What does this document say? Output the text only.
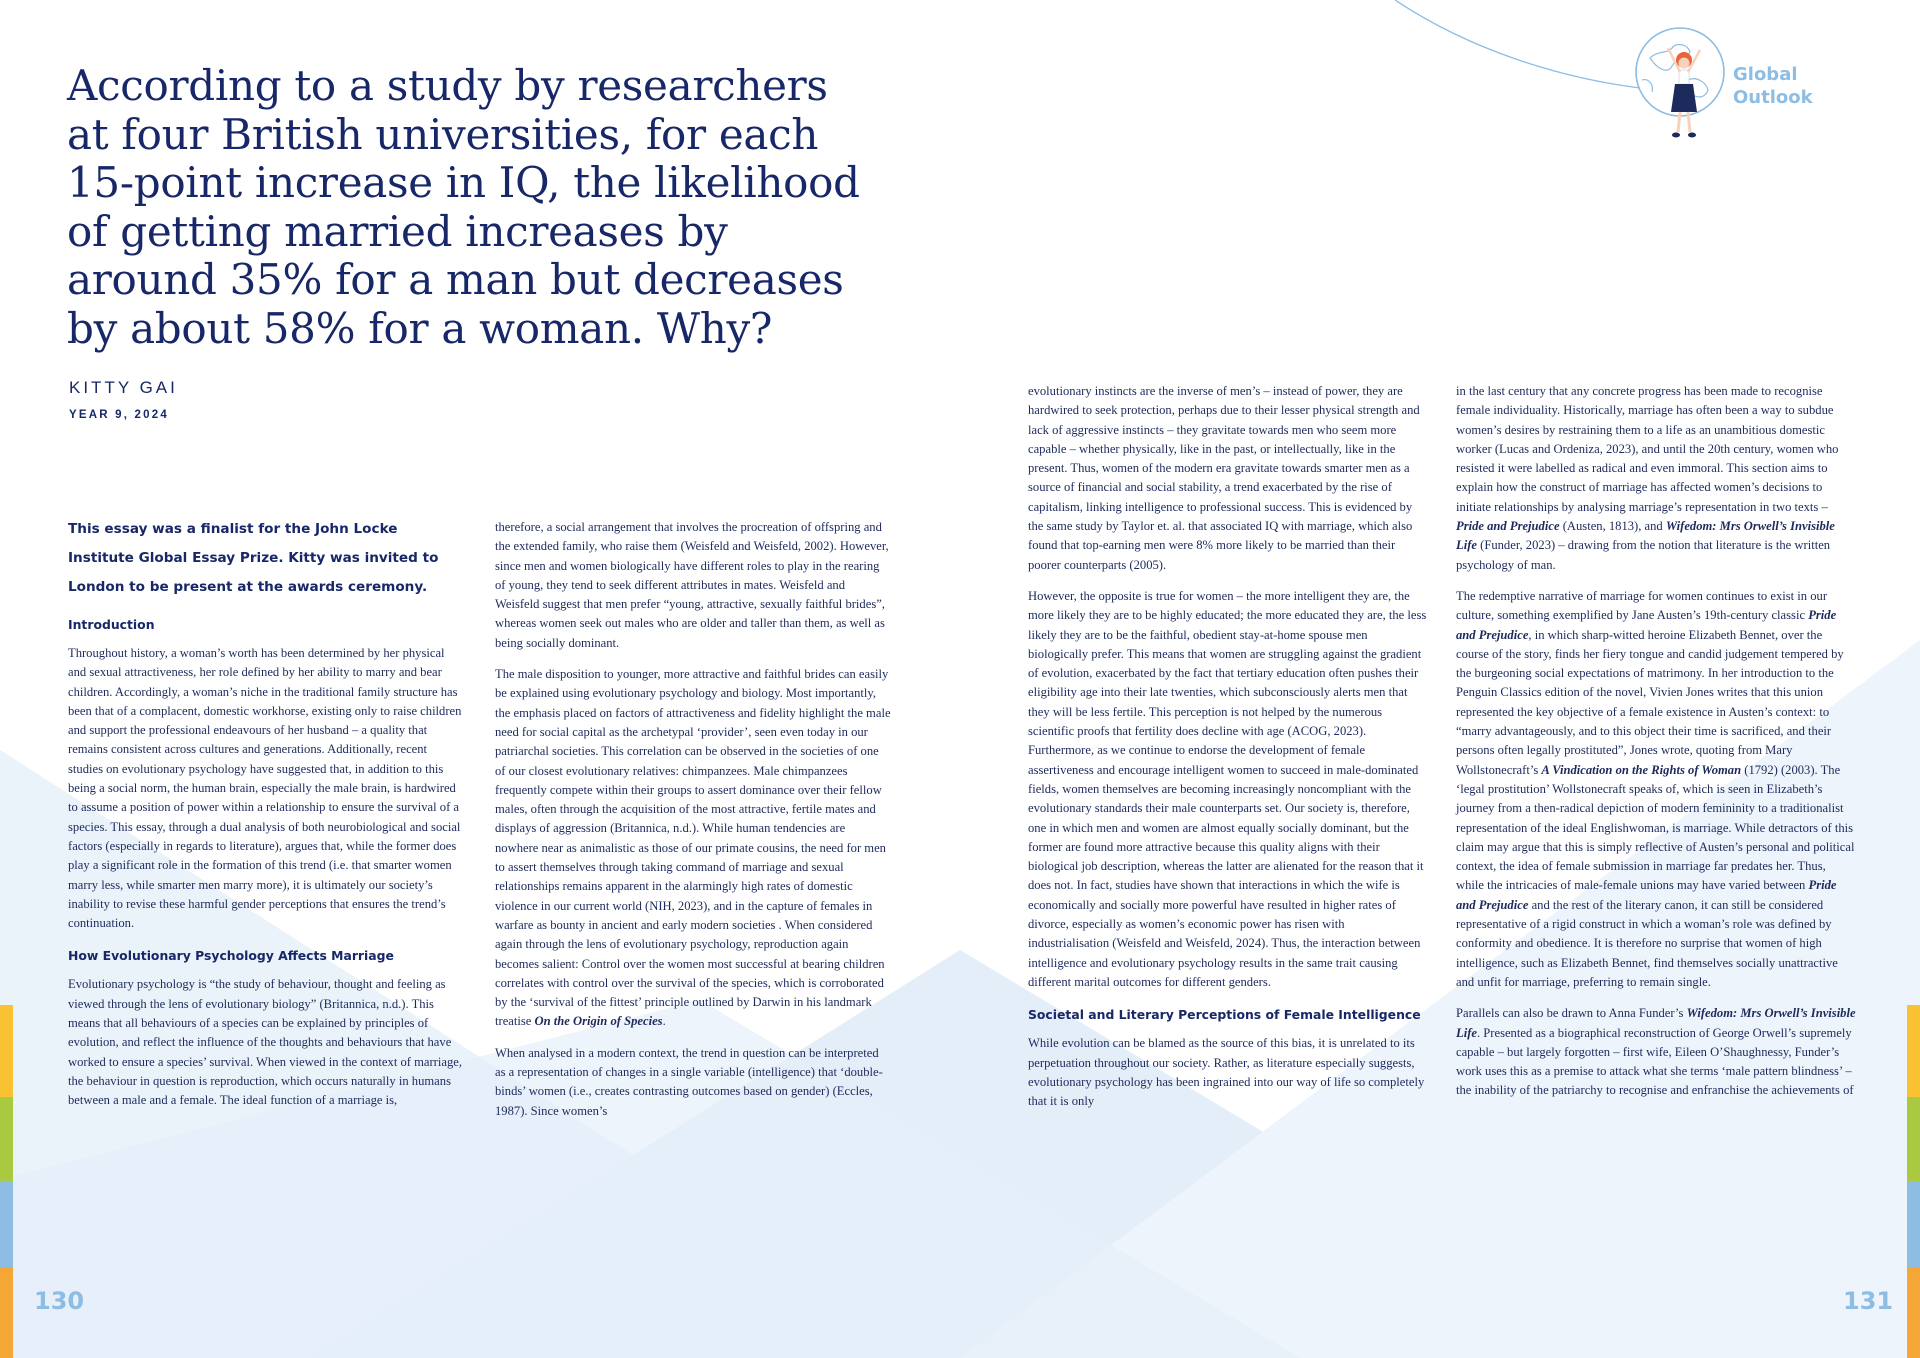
Global
Outlook
According to a study by researchers at four British universities, for each 15-point increase in IQ, the likelihood of getting married increases by around 35% for a man but decreases by about 58% for a woman. Why?
KITTY GAI
YEAR 9, 2024

This essay was a finalist for the John Locke Institute Global Essay Prize. Kitty was invited to London to be present at the awards ceremony.

Introduction

Throughout history, a woman’s worth has been determined by her physical and sexual attractiveness, her role defined by her ability to marry and bear children. Accordingly, a woman’s niche in the traditional family structure has been that of a complacent, domestic workhorse, existing only to raise children and support the professional endeavours of her husband – a quality that remains consistent across cultures and generations. Additionally, recent studies on evolutionary psychology have suggested that, in addition to this being a social norm, the human brain, especially the male brain, is hardwired to assume a position of power within a relationship to ensure the survival of a species. This essay, through a dual analysis of both neurobiological and social factors (especially in regards to literature), argues that, while the former does play a significant role in the formation of this trend (i.e. that smarter women marry less, while smarter men marry more), it is ultimately our society’s inability to revise these harmful gender perceptions that ensures the trend’s continuation.

How Evolutionary Psychology Affects Marriage

Evolutionary psychology is “the study of behaviour, thought and feeling as viewed through the lens of evolutionary biology” (Britannica, n.d.). This means that all behaviours of a species can be explained by principles of evolution, and reflect the influence of the thoughts and behaviours that have worked to ensure a species’ survival. When viewed in the context of marriage, the behaviour in question is reproduction, which occurs naturally in humans between a male and a female. The ideal function of a marriage is,

therefore, a social arrangement that involves the procreation of offspring and the extended family, who raise them (Weisfeld and Weisfeld, 2002). However, since men and women biologically have different roles to play in the rearing of young, they tend to seek different attributes in mates. Weisfeld and Weisfeld suggest that men prefer “young, attractive, sexually faithful brides”, whereas women seek out males who are older and taller than them, as well as being socially dominant.

The male disposition to younger, more attractive and faithful brides can easily be explained using evolutionary psychology and biology. Most importantly, the emphasis placed on factors of attractiveness and fidelity highlight the male need for social capital as the archetypal ‘provider’, seen even today in our patriarchal societies. This correlation can be observed in the societies of one of our closest evolutionary relatives: chimpanzees. Male chimpanzees frequently compete within their groups to assert dominance over their fellow males, often through the acquisition of the most attractive, fertile mates and displays of aggression (Britannica, n.d.). While human tendencies are nowhere near as animalistic as those of our primate cousins, the need for men to assert themselves through taking command of marriage and sexual relationships remains apparent in the alarmingly high rates of domestic violence in our current world (NIH, 2023), and in the capture of females in warfare as bounty in ancient and early modern societies . When considered again through the lens of evolutionary psychology, reproduction again becomes salient: Control over the women most successful at bearing children correlates with control over the survival of the species, which is corroborated by the ‘survival of the fittest’ principle outlined by Darwin in his landmark treatise On the Origin of Species.

When analysed in a modern context, the trend in question can be interpreted as a representation of changes in a single variable (intelligence) that ‘double-binds’ women (i.e., creates contrasting outcomes based on gender) (Eccles, 1987). Since women’s

evolutionary instincts are the inverse of men’s – instead of power, they are hardwired to seek protection, perhaps due to their lesser physical strength and lack of aggressive instincts – they gravitate towards men who seem more capable – whether physically, like in the past, or intellectually, like in the present. Thus, women of the modern era gravitate towards smarter men as a source of financial and social stability, a trend exacerbated by the rise of capitalism, linking intelligence to professional success. This is evidenced by the same study by Taylor et. al. that associated IQ with marriage, which also found that top-earning men were 8% more likely to be married than their poorer counterparts (2005).

However, the opposite is true for women – the more intelligent they are, the more likely they are to be highly educated; the more educated they are, the less likely they are to be the faithful, obedient stay-at-home spouse men biologically prefer. This means that women are struggling against the gradient of evolution, exacerbated by the fact that tertiary education often pushes their eligibility age into their late twenties, which subconsciously alerts men that they will be less fertile. This perception is not helped by the numerous scientific proofs that fertility does decline with age (ACOG, 2023). Furthermore, as we continue to endorse the development of female assertiveness and encourage intelligent women to succeed in male-dominated fields, women themselves are becoming increasingly noncompliant with the evolutionary standards their male counterparts set. Our society is, therefore, one in which men and women are almost equally socially dominant, but the former are found more attractive because this quality aligns with their biological job description, whereas the latter are alienated for the reason that it does not. In fact, studies have shown that interactions in which the wife is economically and socially more powerful have resulted in higher rates of divorce, especially as women’s economic power has risen with industrialisation (Weisfeld and Weisfeld, 2024). Thus, the interaction between intelligence and evolutionary psychology results in the same trait causing different marital outcomes for different genders.

Societal and Literary Perceptions of Female Intelligence

While evolution can be blamed as the source of this bias, it is unrelated to its perpetuation throughout our society. Rather, as literature especially suggests, evolutionary psychology has been ingrained into our way of life so completely that it is only

in the last century that any concrete progress has been made to recognise female individuality. Historically, marriage has often been a way to subdue women’s desires by restraining them to a life as an unambitious domestic worker (Lucas and Ordeniza, 2023), and until the 20th century, women who resisted it were labelled as radical and even immoral. This section aims to explain how the construct of marriage has affected women’s decisions to initiate relationships by analysing marriage’s representation in two texts – Pride and Prejudice (Austen, 1813), and Wifedom: Mrs Orwell’s Invisible Life (Funder, 2023) – drawing from the notion that literature is the written psychology of man.

The redemptive narrative of marriage for women continues to exist in our culture, something exemplified by Jane Austen’s 19th-century classic Pride and Prejudice, in which sharp-witted heroine Elizabeth Bennet, over the course of the story, finds her fiery tongue and candid judgement tempered by the burgeoning social expectations of matrimony. In her introduction to the Penguin Classics edition of the novel, Vivien Jones writes that this union represented the key objective of a female existence in Austen’s context: to “marry advantageously, and to this object their time is sacrificed, and their persons often legally prostituted”, Jones wrote, quoting from Mary Wollstonecraft’s A Vindication on the Rights of Woman (1792) (2003). The ‘legal prostitution’ Wollstonecraft speaks of, which is seen in Elizabeth’s journey from a then-radical depiction of modern femininity to a traditionalist representation of the ideal Englishwoman, is marriage. While detractors of this claim may argue that this is simply reflective of Austen’s personal and political context, the idea of female submission in marriage far predates her. Thus, while the intricacies of male-female unions may have varied between Pride and Prejudice and the rest of the literary canon, it can still be considered representative of a rigid construct in which a woman’s role was defined by conformity and obedience. It is therefore no surprise that women of high intelligence, such as Elizabeth Bennet, find themselves socially unattractive and unfit for marriage, preferring to remain single.

Parallels can also be drawn to Anna Funder’s Wifedom: Mrs Orwell’s Invisible Life. Presented as a biographical reconstruction of George Orwell’s supremely capable – but largely forgotten – first wife, Eileen O’Shaughnessy, Funder’s work uses this as a premise to attack what she terms ‘male pattern blindness’ – the inability of the patriarchy to recognise and enfranchise the achievements of

130	131
